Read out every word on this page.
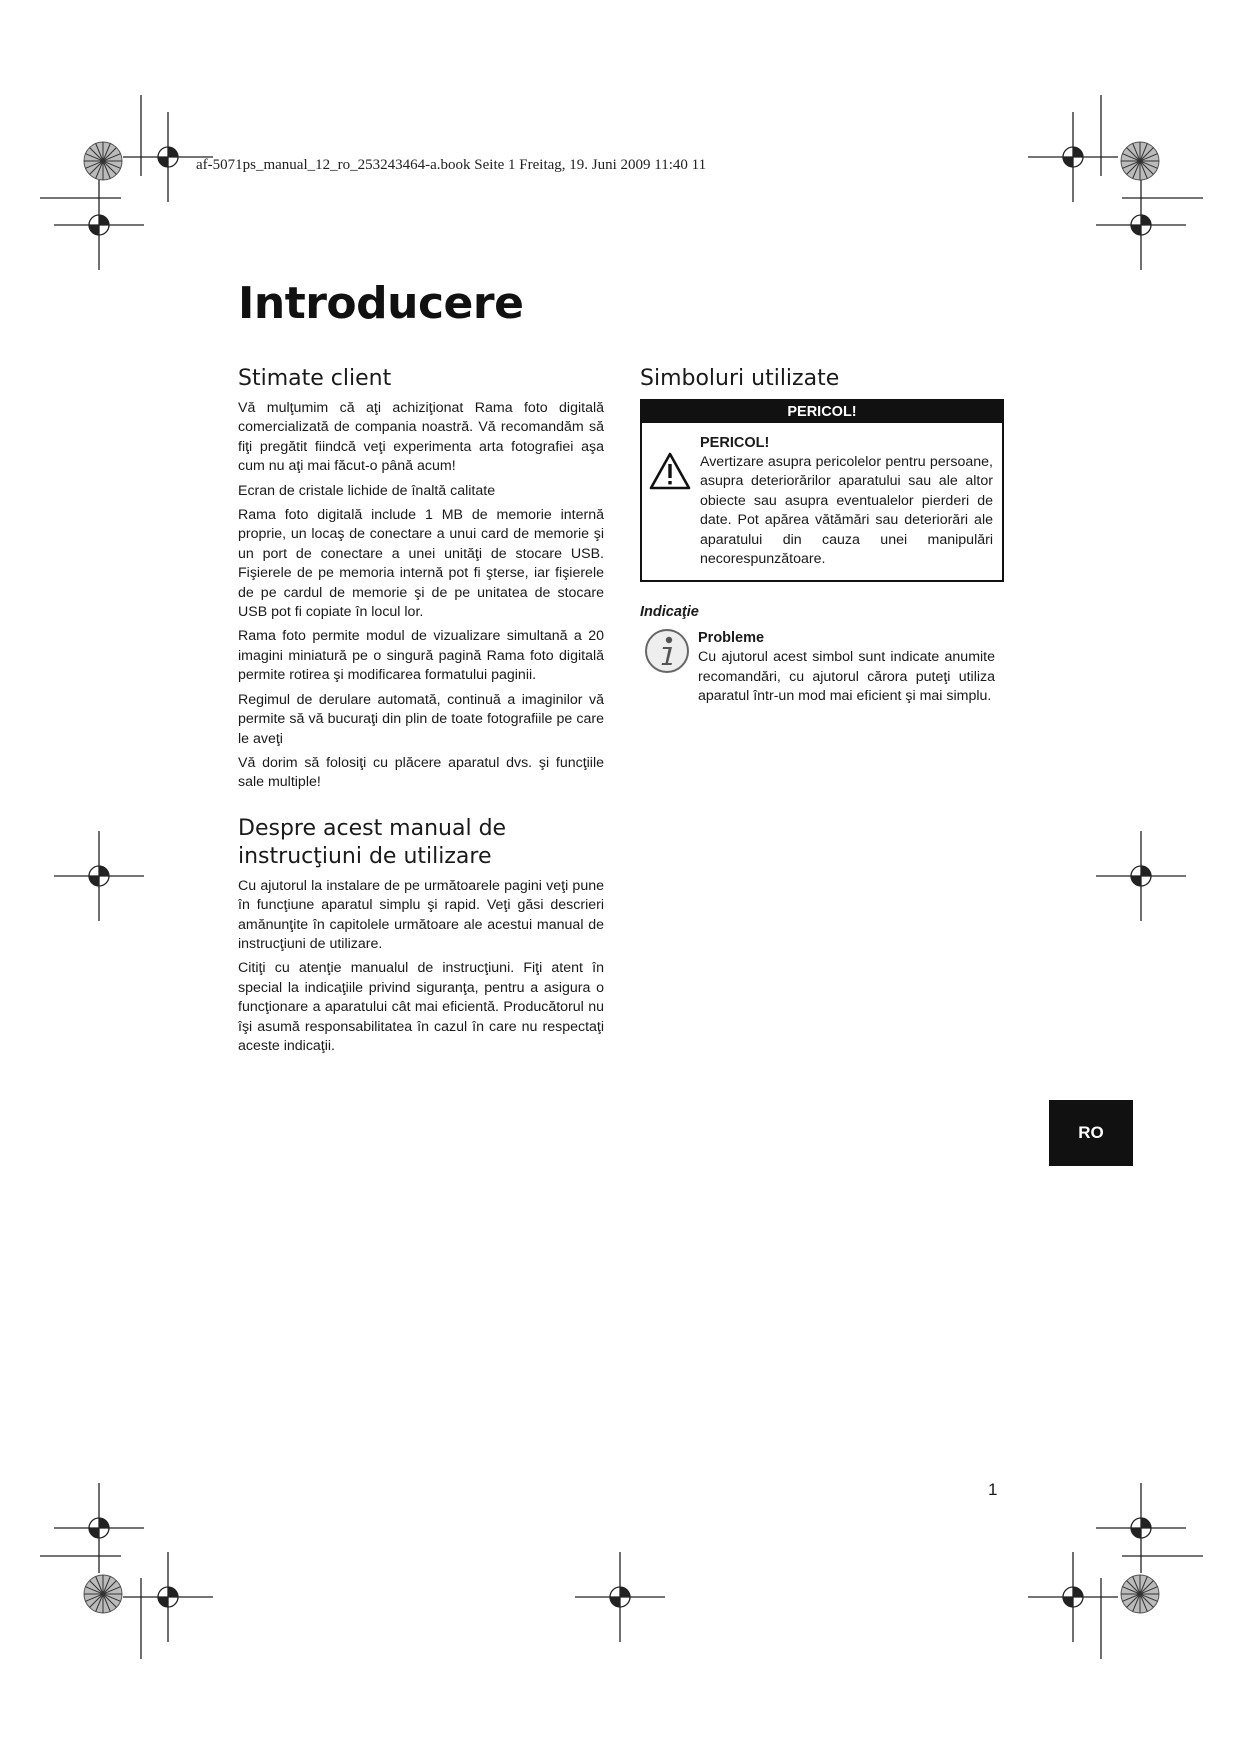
af-5071ps_manual_12_ro_253243464-a.book Seite 1 Freitag, 19. Juni 2009 11:40 11
Introducere
Stimate client

Vă mulţumim că aţi achiziţionat Rama foto digitală comercializată de compania noastră. Vă recomandăm să fiţi pregătit fiindcă veţi experimenta arta fotografiei aşa cum nu aţi mai făcut-o până acum!

Ecran de cristale lichide de înaltă calitate

Rama foto digitală include 1 MB de memorie internă proprie, un locaş de conectare a unui card de memorie şi un port de conectare a unei unităţi de stocare USB. Fişierele de pe memoria internă pot fi şterse, iar fişierele de pe cardul de memorie şi de pe unitatea de stocare USB pot fi copiate în locul lor.

Rama foto permite modul de vizualizare simultană a 20 imagini miniatură pe o singură pagină Rama foto digitală permite rotirea şi modificarea formatului paginii.

Regimul de derulare automată, continuă a imaginilor vă permite să vă bucuraţi din plin de toate fotografiile pe care le aveţi

Vă dorim să folosiţi cu plăcere aparatul dvs. şi funcţiile sale multiple!

Despre acest manual de instrucţiuni de utilizare

Cu ajutorul la instalare de pe următoarele pagini veţi pune în funcţiune aparatul simplu şi rapid. Veţi găsi descrieri amănunţite în capitolele următoare ale acestui manual de instrucţiuni de utilizare.

Citiţi cu atenţie manualul de instrucţiuni. Fiţi atent în special la indicaţiile privind siguranţa, pentru a asigura o funcţionare a aparatului cât mai eficientă. Producătorul nu îşi asumă responsabilitatea în cazul în care nu respectaţi aceste indicaţii.

Simboluri utilizate
PERICOL!
PERICOL!

Avertizare asupra pericolelor pentru persoane, asupra deteriorărilor aparatului sau ale altor obiecte sau asupra eventualelor pierderi de date. Pot apărea vătămări sau deteriorări ale aparatului din cauza unei manipulări necorespunzătoare.

Indicaţie
Probleme

Cu ajutorul acest simbol sunt indicate anumite recomandări, cu ajutorul cărora puteţi utiliza aparatul într-un mod mai eficient şi mai simplu.

RO
1
